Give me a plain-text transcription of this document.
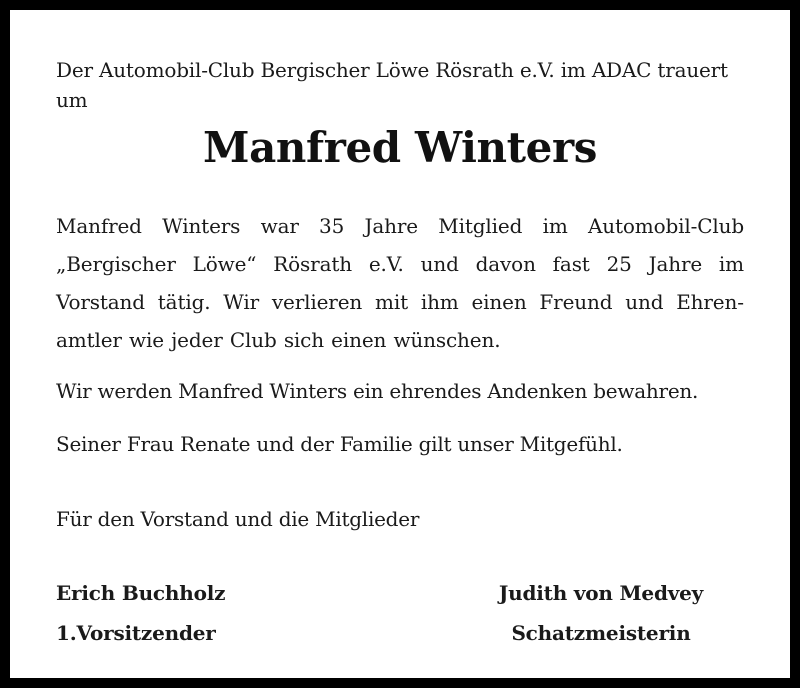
Der Automobil-Club Bergischer Löwe Rösrath e.V. im ADAC trauert um
Manfred Winters
Manfred Winters war 35 Jahre Mitglied im Automobil-Club „Bergischer Löwe“ Rösrath e.V. und davon fast 25 Jahre im Vorstand tätig. Wir verlieren mit ihm einen Freund und Ehrenamtler wie jeder Club sich einen wünschen.
Wir werden Manfred Winters ein ehrendes Andenken bewahren.
Seiner Frau Renate und der Familie gilt unser Mitgefühl.
Für den Vorstand und die Mitglieder
Erich Buchholz
1.Vorsitzender
Judith von Medvey
Schatzmeisterin
